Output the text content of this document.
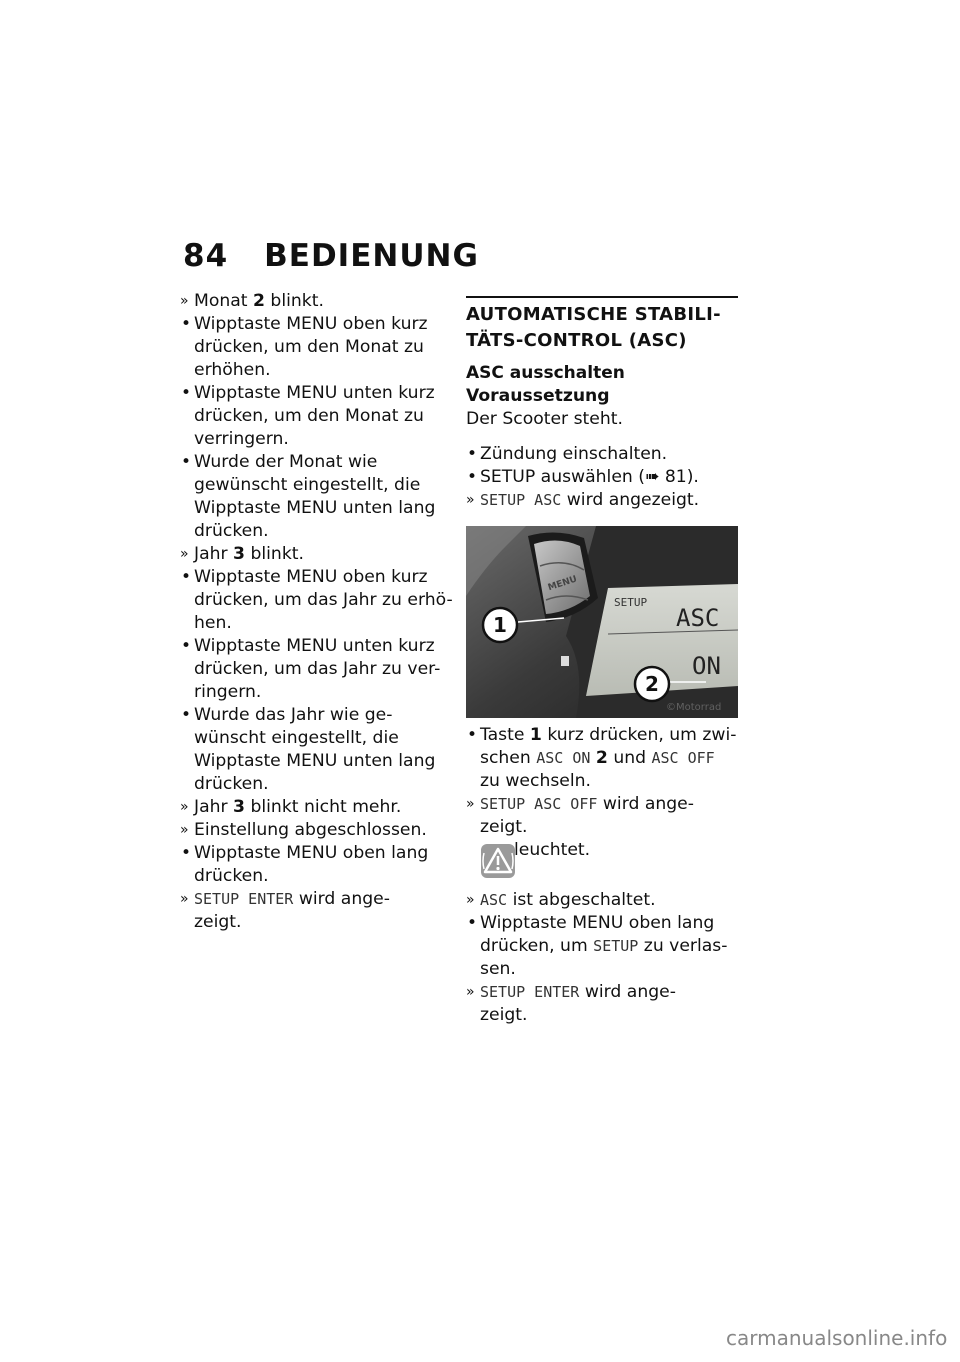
84 BEDIENUNG
» Monat 2 blinkt.
• Wipptaste MENU oben kurz
drücken, um den Monat zu
erhöhen.
• Wipptaste MENU unten kurz
drücken, um den Monat zu
verringern.
• Wurde der Monat wie
gewünscht eingestellt, die
Wipptaste MENU unten lang
drücken.
» Jahr 3 blinkt.
• Wipptaste MENU oben kurz
drücken, um das Jahr zu erhö-
hen.
• Wipptaste MENU unten kurz
drücken, um das Jahr zu ver-
ringern.
• Wurde das Jahr wie ge-
wünscht eingestellt, die
Wipptaste MENU unten lang
drücken.
» Jahr 3 blinkt nicht mehr.
» Einstellung abgeschlossen.
• Wipptaste MENU oben lang
drücken.
» SETUP ENTER wird ange-
zeigt.
AUTOMATISCHE STABILI-
TÄTS-CONTROL (ASC)
ASC ausschalten
Voraussetzung
Der Scooter steht.
• Zündung einschalten.
• SETUP auswählen (➠ 81).
» SETUP ASC wird angezeigt.
SETUP
ASC
ON
MENU
1
2
©Motorrad
• Taste 1 kurz drücken, um zwi-
schen ASC ON 2 und ASC OFF
zu wechseln.
» SETUP ASC OFF wird ange-
zeigt.
leuchtet.
» ASC ist abgeschaltet.
• Wipptaste MENU oben lang
drücken, um SETUP zu verlas-
sen.
» SETUP ENTER wird ange-
zeigt.
carmanualsonline.info
